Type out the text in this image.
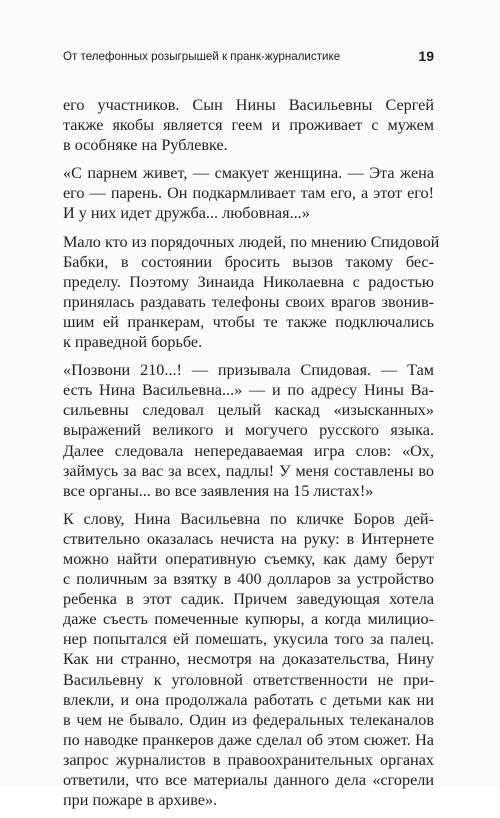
От телефонных розыгрышей к пранк-журналистике	19
его участников. Сын Нины Васильевны Сергей
также якобы является геем и проживает с мужем
в особняке на Рублевке.
«С парнем живет, — смакует женщина. — Эта жена
его — парень. Он подкармливает там его, а этот его!
И у них идет дружба... любовная...»
Мало кто из порядочных людей, по мнению Спидовой
Бабки, в состоянии бросить вызов такому бес-
пределу. Поэтому Зинаида Николаевна с радостью
принялась раздавать телефоны своих врагов звонив-
шим ей пранкерам, чтобы те также подключались
к праведной борьбе.
«Позвони 210...! — призывала Спидовая. — Там
есть Нина Васильевна...» — и по адресу Нины Ва-
сильевны следовал целый каскад «изысканных»
выражений великого и могучего русского языка.
Далее следовала непередаваемая игра слов: «Ох,
займусь за вас за всех, падлы! У меня составлены во
все органы... во все заявления на 15 листах!»
К слову, Нина Васильевна по кличке Боров дей-
ствительно оказалась нечиста на руку: в Интернете
можно найти оперативную съемку, как даму берут
с поличным за взятку в 400 долларов за устройство
ребенка в этот садик. Причем заведующая хотела
даже съесть помеченные купюры, а когда милицио-
нер попытался ей помешать, укусила того за палец.
Как ни странно, несмотря на доказательства, Нину
Васильевну к уголовной ответственности не при-
влекли, и она продолжала работать с детьми как ни
в чем не бывало. Один из федеральных телеканалов
по наводке пранкеров даже сделал об этом сюжет. На
запрос журналистов в правоохранительных органах
ответили, что все материалы данного дела «сгорели
при пожаре в архиве».
